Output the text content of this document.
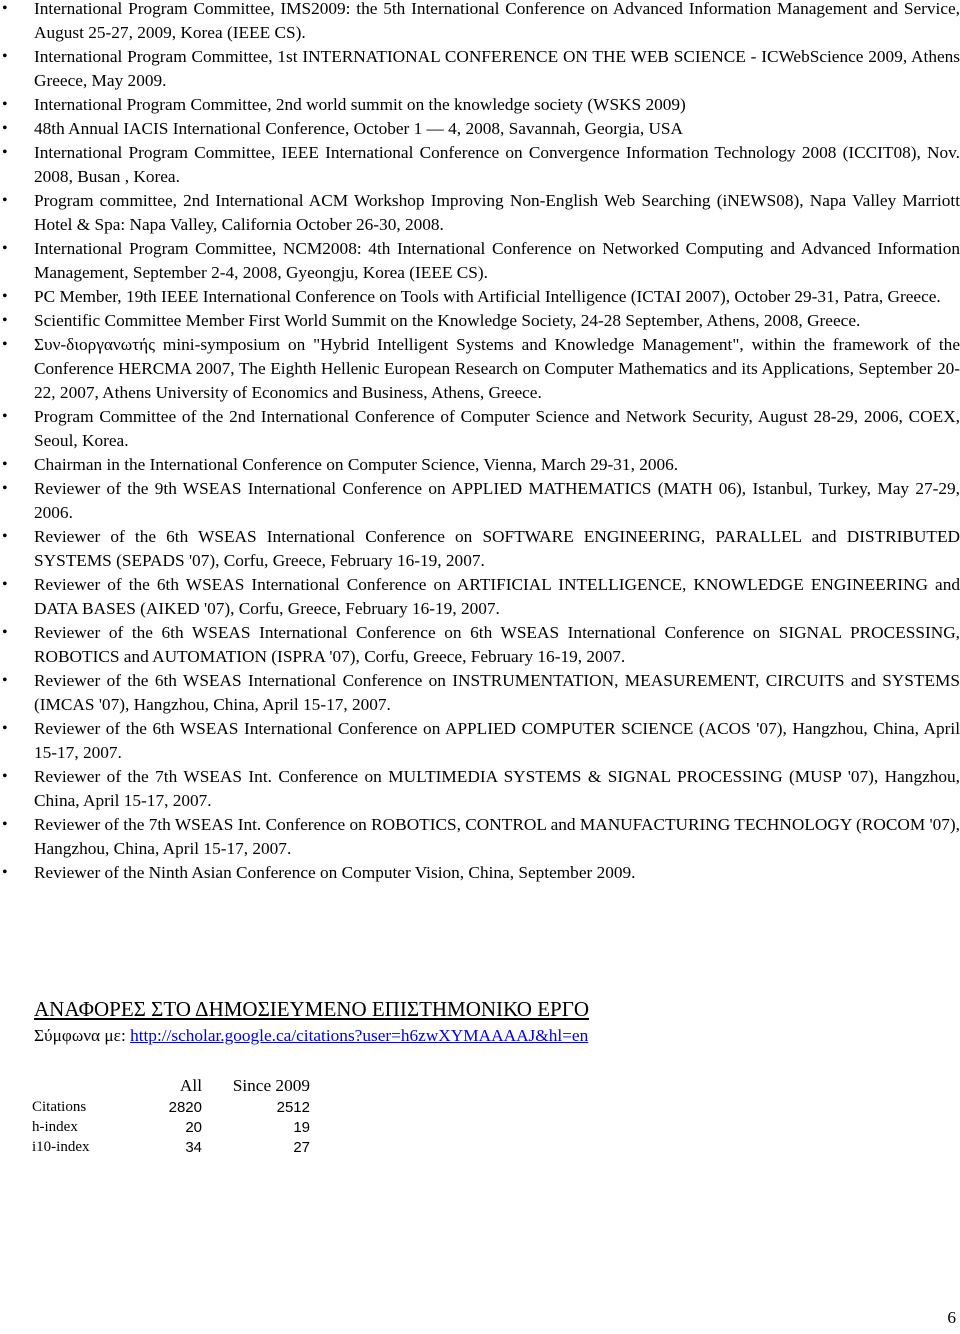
• International Program Committee, IMS2009: the 5th International Conference on Advanced Information Management and Service, August 25-27, 2009, Korea (IEEE CS).
• International Program Committee, 1st INTERNATIONAL CONFERENCE ON THE WEB SCIENCE - ICWebScience 2009, Athens Greece, May 2009.
• International Program Committee, 2nd world summit on the knowledge society (WSKS 2009)
• 48th Annual IACIS International Conference, October 1 — 4, 2008, Savannah, Georgia, USA
• International Program Committee, IEEE International Conference on Convergence Information Technology 2008 (ICCIT08), Nov. 2008, Busan , Korea.
• Program committee, 2nd International ACM Workshop Improving Non-English Web Searching (iNEWS08), Napa Valley Marriott Hotel & Spa: Napa Valley, California October 26-30, 2008.
• International Program Committee, NCM2008: 4th International Conference on Networked Computing and Advanced Information Management, September 2-4, 2008, Gyeongju, Korea (IEEE CS).
• PC Member, 19th IEEE International Conference on Tools with Artificial Intelligence (ICTAI 2007), October 29-31, Patra, Greece.
• Scientific Committee Member First World Summit on the Knowledge Society, 24-28 September, Athens, 2008, Greece.
• Συν-διοργανωτής mini-symposium on "Hybrid Intelligent Systems and Knowledge Management", within the framework of the Conference HERCMA 2007, The Eighth Hellenic European Research on Computer Mathematics and its Applications, September 20-22, 2007, Athens University of Economics and Business, Athens, Greece.
• Program Committee of the 2nd International Conference of Computer Science and Network Security, August 28-29, 2006, COEX, Seoul, Korea.
• Chairman in the International Conference on Computer Science, Vienna, March 29-31, 2006.
• Reviewer of the 9th WSEAS International Conference on APPLIED MATHEMATICS (MATH 06), Istanbul, Turkey, May 27-29, 2006.
• Reviewer of the 6th WSEAS International Conference on SOFTWARE ENGINEERING, PARALLEL and DISTRIBUTED SYSTEMS (SEPADS '07), Corfu, Greece, February 16-19, 2007.
• Reviewer of the 6th WSEAS International Conference on ARTIFICIAL INTELLIGENCE, KNOWLEDGE ENGINEERING and DATA BASES (AIKED '07), Corfu, Greece, February 16-19, 2007.
• Reviewer of the 6th WSEAS International Conference on 6th WSEAS International Conference on SIGNAL PROCESSING, ROBOTICS and AUTOMATION (ISPRA '07), Corfu, Greece, February 16-19, 2007.
• Reviewer of the 6th WSEAS International Conference on INSTRUMENTATION, MEASUREMENT, CIRCUITS and SYSTEMS (IMCAS '07), Hangzhou, China, April 15-17, 2007.
• Reviewer of the 6th WSEAS International Conference on APPLIED COMPUTER SCIENCE (ACOS '07), Hangzhou, China, April 15-17, 2007.
• Reviewer of the 7th WSEAS Int. Conference on MULTIMEDIA SYSTEMS & SIGNAL PROCESSING (MUSP '07), Hangzhou, China, April 15-17, 2007.
• Reviewer of the 7th WSEAS Int. Conference on ROBOTICS, CONTROL and MANUFACTURING TECHNOLOGY (ROCOM '07), Hangzhou, China, April 15-17, 2007.
• Reviewer of the Ninth Asian Conference on Computer Vision, China, September 2009.
ΑΝΑΦΟΡΕΣ ΣΤΟ ΔΗΜΟΣΙΕΥΜΕΝΟ ΕΠΙΣΤΗΜΟΝΙΚΟ ΕΡΓΟ
Σύμφωνα με: http://scholar.google.ca/citations?user=h6zwXYMAAAAJ&hl=en
	All	Since 2009
Citations	2820	2512
h-index	20	19
i10-index	34	27
6
